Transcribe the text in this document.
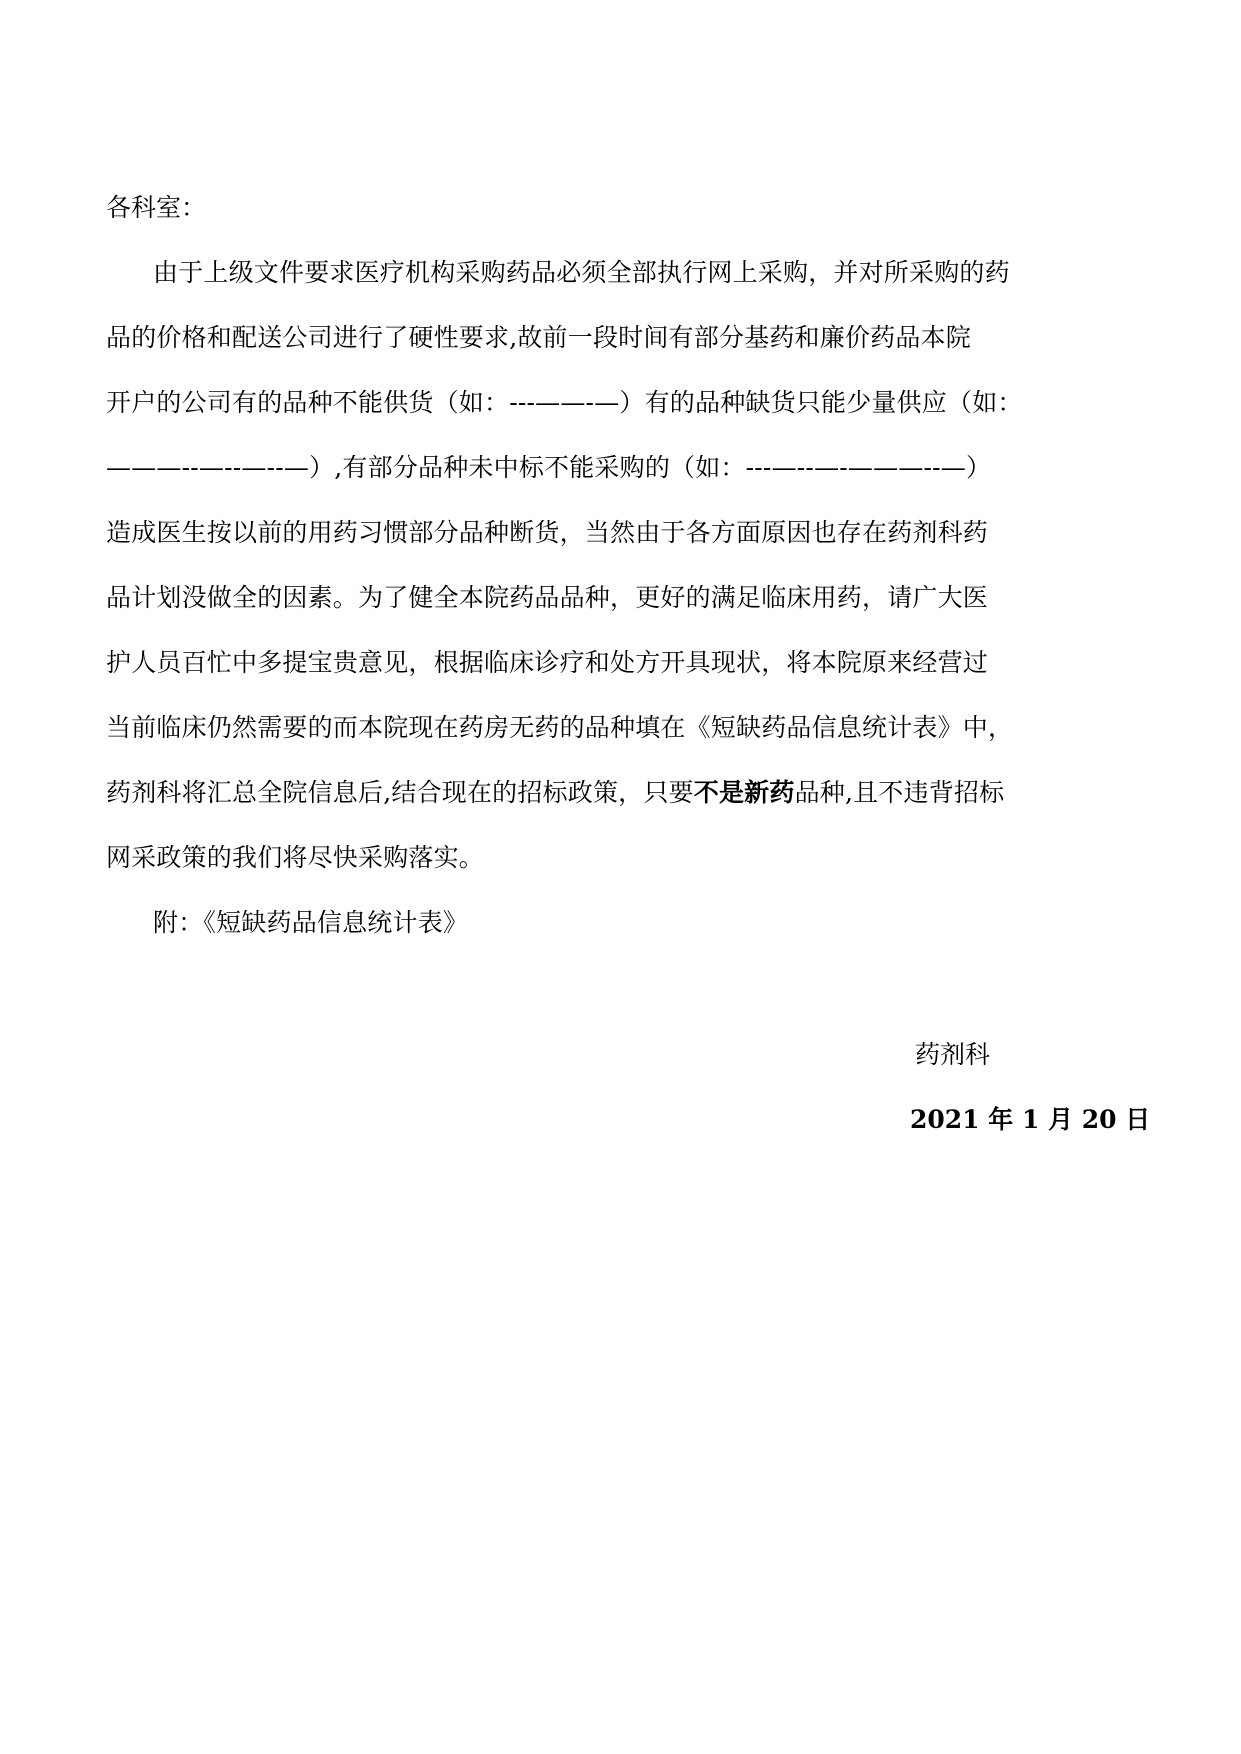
各科室：
由于上级文件要求医疗机构采购药品必须全部执行网上采购，并对所采购的药
品的价格和配送公司进行了硬性要求,故前一段时间有部分基药和廉价药品本院
开户的公司有的品种不能供货（如：---——-—）有的品种缺货只能少量供应（如：
———--—--—--—）,有部分品种未中标不能采购的（如：---—--—-———--—）
造成医生按以前的用药习惯部分品种断货，当然由于各方面原因也存在药剂科药
品计划没做全的因素。为了健全本院药品品种，更好的满足临床用药，请广大医
护人员百忙中多提宝贵意见，根据临床诊疗和处方开具现状，将本院原来经营过
当前临床仍然需要的而本院现在药房无药的品种填在《短缺药品信息统计表》中，
药剂科将汇总全院信息后,结合现在的招标政策，只要不是新药品种,且不违背招标
网采政策的我们将尽快采购落实。
附：《短缺药品信息统计表》
药剂科
2021 年 1 月 20 日
